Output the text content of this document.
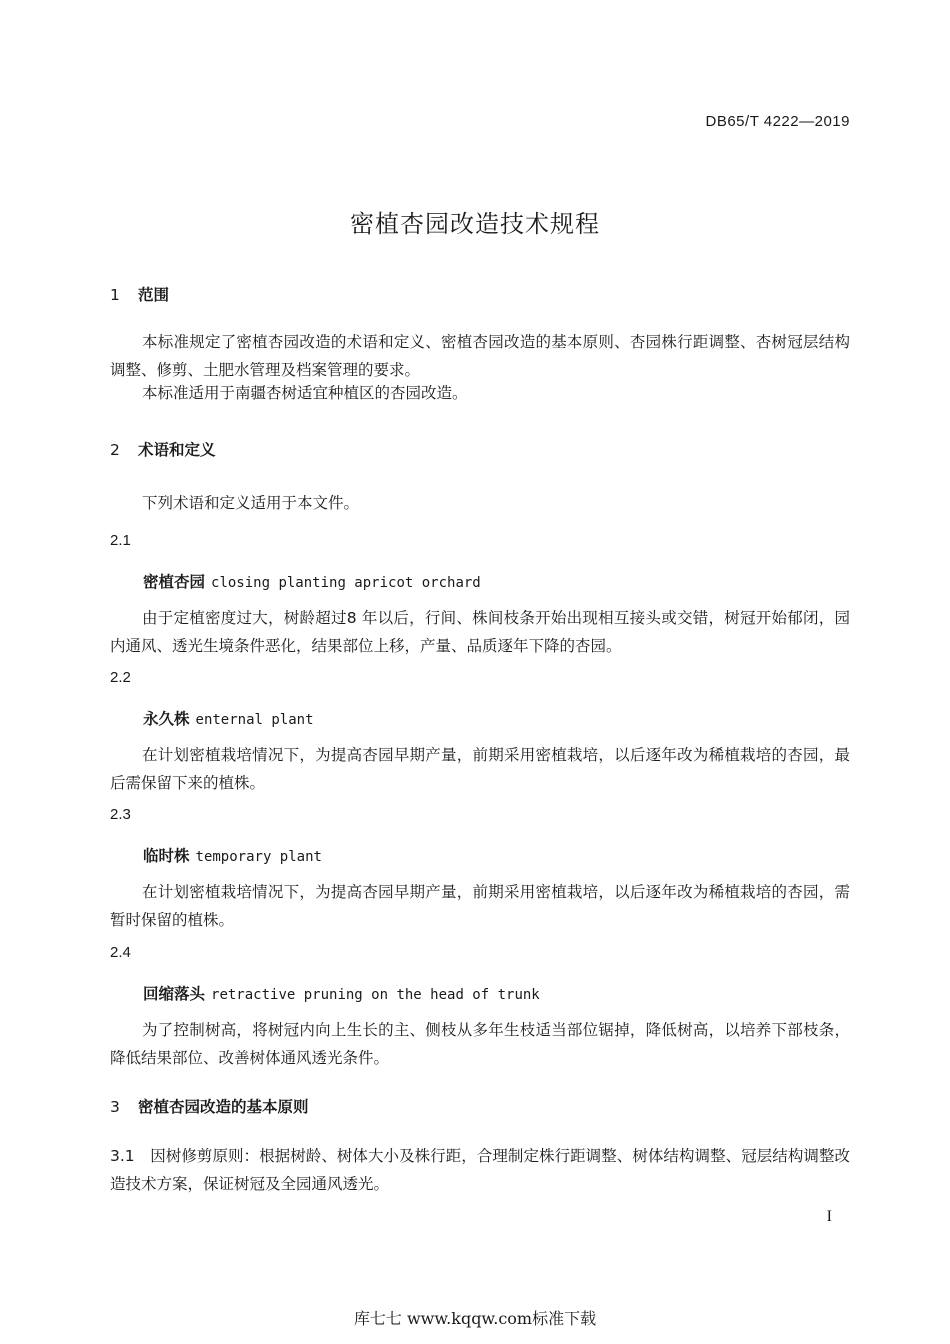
DB65/T 4222—2019
密植杏园改造技术规程
1 范围
本标准规定了密植杏园改造的术语和定义、密植杏园改造的基本原则、杏园株行距调整、杏树冠层结构调整、修剪、土肥水管理及档案管理的要求。
本标准适用于南疆杏树适宜种植区的杏园改造。
2 术语和定义
下列术语和定义适用于本文件。
2.1
密植杏园 closing planting apricot orchard
由于定植密度过大，树龄超过8 年以后，行间、株间枝条开始出现相互接头或交错，树冠开始郁闭，园内通风、透光生境条件恶化，结果部位上移，产量、品质逐年下降的杏园。
2.2
永久株 enternal plant
在计划密植栽培情况下，为提高杏园早期产量，前期采用密植栽培，以后逐年改为稀植栽培的杏园，最后需保留下来的植株。
2.3
临时株 temporary plant
在计划密植栽培情况下，为提高杏园早期产量，前期采用密植栽培，以后逐年改为稀植栽培的杏园，需暂时保留的植株。
2.4
回缩落头 retractive pruning on the head of trunk
为了控制树高，将树冠内向上生长的主、侧枝从多年生枝适当部位锯掉，降低树高，以培养下部枝条，降低结果部位、改善树体通风透光条件。
3 密植杏园改造的基本原则
3.1　因树修剪原则：根据树龄、树体大小及株行距，合理制定株行距调整、树体结构调整、冠层结构调整改造技术方案，保证树冠及全园通风透光。
I
库七七 www.kqqw.com标准下载
